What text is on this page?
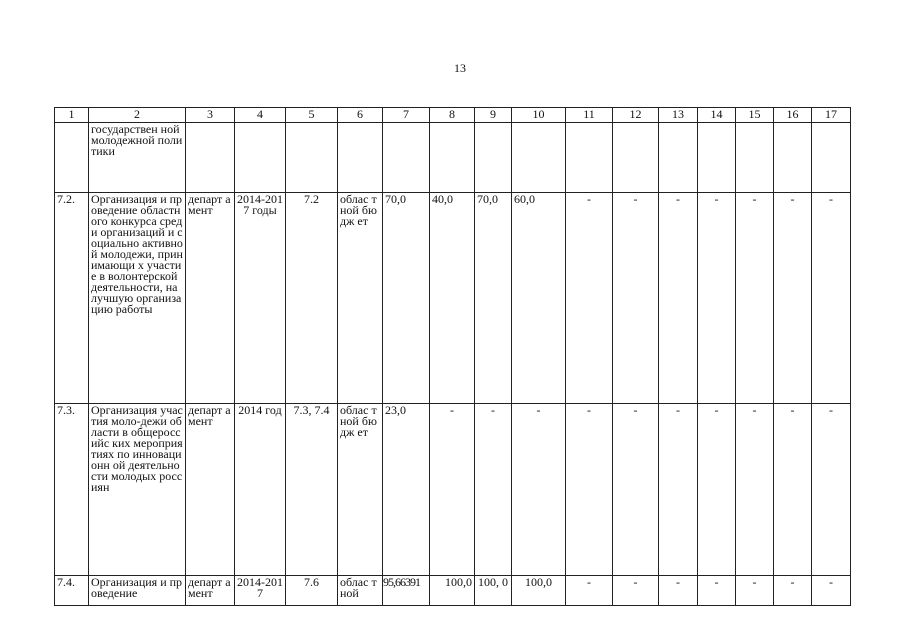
13
1	2	3	4	5	6	7	8	9	10	11	12	13	14	15	16	17
	государствен ной молодежной политики															
7.2.	Организация и проведение областного конкурса среди организаций и социально активной молодежи, принимающи х участие в волонтерской деятельности, на лучшую организацию работы	департ амент	2014-2017 годы	7.2	облас тной бюдж ет	70,0	40,0	70,0	60,0	-	-	-	-	-	-	-
7.3.	Организация участия моло-дежи области в общероссийс ких мероприятиях по инновационн ой деятельности молодых россиян	департ амент	2014 год	7.3, 7.4	облас тной бюдж ет	23,0	-	-	-	-	-	-	-	-	-	-
7.4.	Организация и проведение	департ амент	2014-2017	7.6	облас тной	95,66391	100,0	100, 0	100,0	-	-	-	-	-	-	-
